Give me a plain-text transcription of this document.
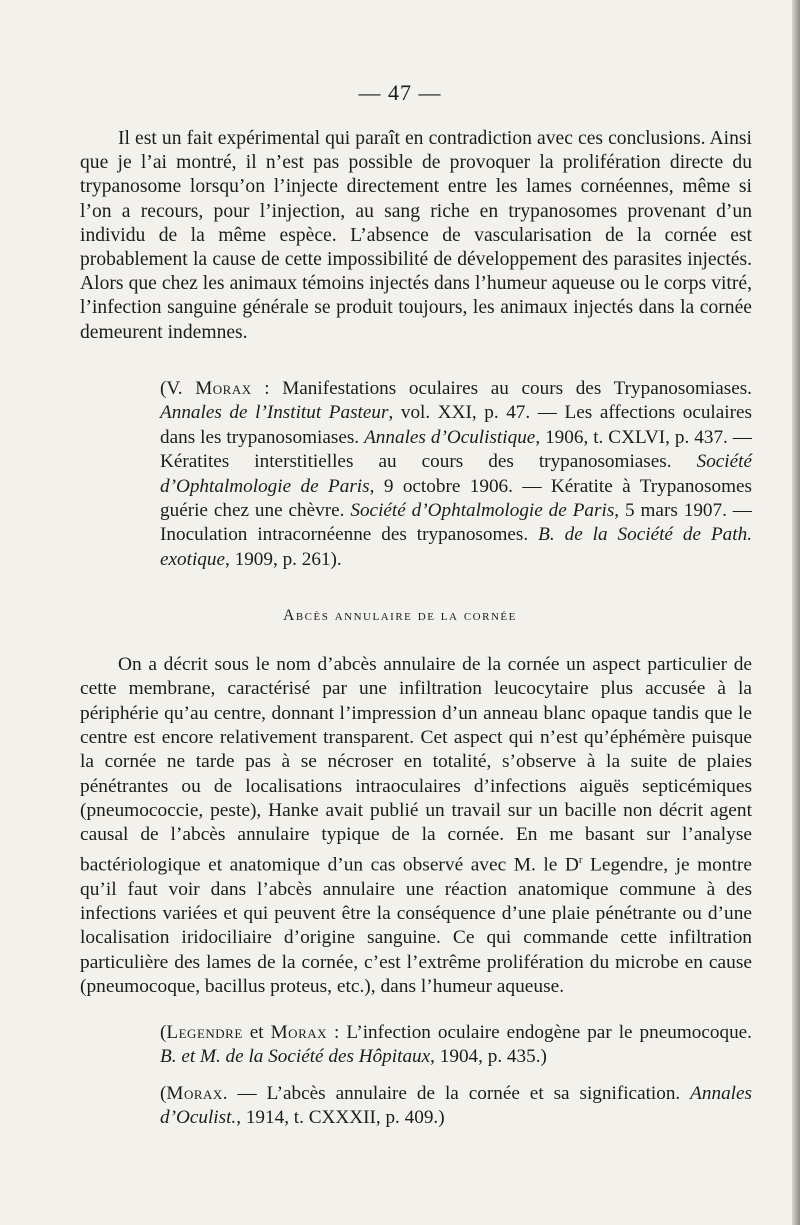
— 47 —
Il est un fait expérimental qui paraît en contradiction avec ces conclusions. Ainsi que je l’ai montré, il n’est pas possible de provoquer la prolifération directe du trypanosome lorsqu’on l’injecte directement entre les lames cornéennes, même si l’on a recours, pour l’injection, au sang riche en trypanosomes provenant d’un individu de la même espèce. L’absence de vascularisation de la cornée est probablement la cause de cette impossibilité de développement des parasites injectés. Alors que chez les animaux témoins injectés dans l’humeur aqueuse ou le corps vitré, l’infection sanguine générale se produit toujours, les animaux injectés dans la cornée demeurent indemnes.
(V. Morax : Manifestations oculaires au cours des Trypanosomiases. Annales de l’Institut Pasteur, vol. XXI, p. 47. — Les affections oculaires dans les trypanosomiases. Annales d’Oculistique, 1906, t. CXLVI, p. 437. — Kératites interstitielles au cours des trypanosomiases. Société d’Ophtalmologie de Paris, 9 octobre 1906. — Kératite à Trypanosomes guérie chez une chèvre. Société d’Ophtalmologie de Paris, 5 mars 1907. — Inoculation intracornéenne des trypanosomes. B. de la Société de Path. exotique, 1909, p. 261).
Abcès annulaire de la cornée
On a décrit sous le nom d’abcès annulaire de la cornée un aspect particulier de cette membrane, caractérisé par une infiltration leucocytaire plus accusée à la périphérie qu’au centre, donnant l’impression d’un anneau blanc opaque tandis que le centre est encore relativement transparent. Cet aspect qui n’est qu’éphémère puisque la cornée ne tarde pas à se nécroser en totalité, s’observe à la suite de plaies pénétrantes ou de localisations intraoculaires d’infections aiguës septicémiques (pneumococcie, peste), Hanke avait publié un travail sur un bacille non décrit agent causal de l’abcès annulaire typique de la cornée. En me basant sur l’analyse bactériologique et anatomique d’un cas observé avec M. le $D^r$ Legendre, je montre qu’il faut voir dans l’abcès annulaire une réaction anatomique commune à des infections variées et qui peuvent être la conséquence d’une plaie pénétrante ou d’une localisation iridociliaire d’origine sanguine. Ce qui commande cette infiltration particulière des lames de la cornée, c’est l’extrême prolifération du microbe en cause (pneumocoque, bacillus proteus, etc.), dans l’humeur aqueuse.
(Legendre et Morax : L’infection oculaire endogène par le pneumocoque. B. et M. de la Société des Hôpitaux, 1904, p. 435.)
(Morax. — L’abcès annulaire de la cornée et sa signification. Annales d’Oculist., 1914, t. CXXXII, p. 409.)
